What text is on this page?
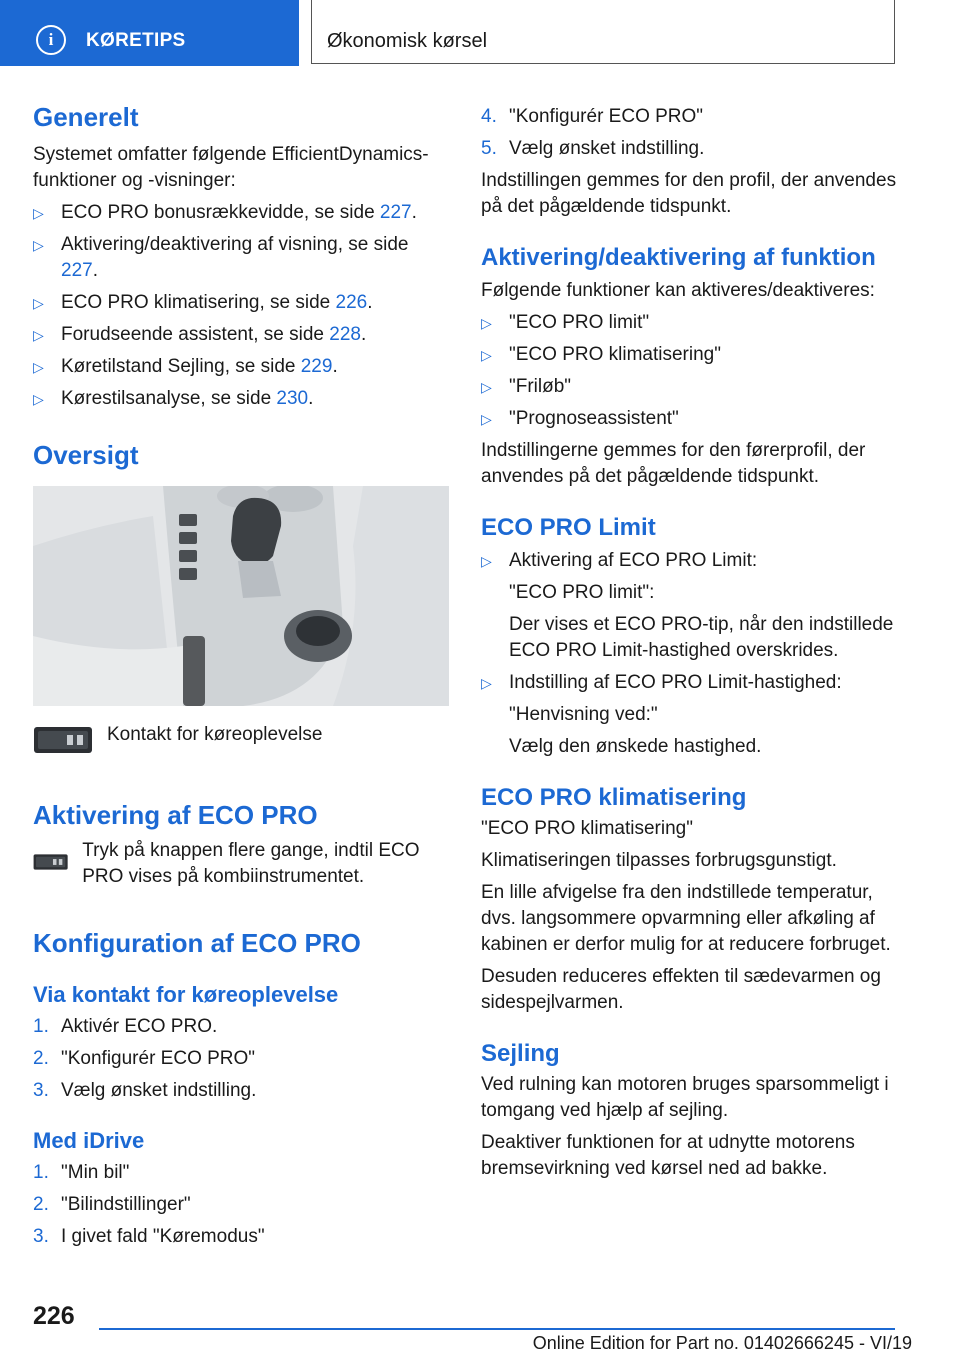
i	KØRETIPS	Økonomisk kørsel
Generelt

Systemet omfatter følgende EfficientDynamics-funktioner og -visninger:

▷ ECO PRO bonusrækkevidde, se side 227.
▷ Aktivering/deaktivering af visning, se side 227.
▷ ECO PRO klimatisering, se side 226.
▷ Forudseende assistent, se side 228.
▷ Køretilstand Sejling, se side 229.
▷ Kørestilsanalyse, se side 230.
Oversigt
Kontakt for køreoplevelse
Aktivering af ECO PRO
Tryk på knappen flere gange, indtil ECO PRO vises på kombiinstrumentet.
Konfiguration af ECO PRO
Via kontakt for køreoplevelse
1. Aktivér ECO PRO.
2. "Konfigurér ECO PRO"
3. Vælg ønsket indstilling.
Med iDrive
1. "Min bil"
2. "Bilindstillinger"
3. I givet fald "Køremodus"
4. "Konfigurér ECO PRO"
5. Vælg ønsket indstilling.

Indstillingen gemmes for den profil, der anvendes på det pågældende tidspunkt.

Aktivering/deaktivering af funktion

Følgende funktioner kan aktiveres/deaktiveres:

▷ "ECO PRO limit"
▷ "ECO PRO klimatisering"
▷ "Friløb"
▷ "Prognoseassistent"

Indstillingerne gemmes for den førerprofil, der anvendes på det pågældende tidspunkt.

ECO PRO Limit
▷ Aktivering af ECO PRO Limit:
"ECO PRO limit":
Der vises et ECO PRO-tip, når den indstillede ECO PRO Limit-hastighed overskrides.
▷ Indstilling af ECO PRO Limit-hastighed:
"Henvisning ved:"
Vælg den ønskede hastighed.
ECO PRO klimatisering

"ECO PRO klimatisering"

Klimatiseringen tilpasses forbrugsgunstigt.

En lille afvigelse fra den indstillede temperatur, dvs. langsommere opvarmning eller afkøling af kabinen er derfor mulig for at reducere forbruget.

Desuden reduceres effekten til sædevarmen og sidespejlvarmen.

Sejling

Ved rulning kan motoren bruges sparsommeligt i tomgang ved hjælp af sejling.

Deaktiver funktionen for at udnytte motorens bremsevirkning ved kørsel ned ad bakke.

226
Online Edition for Part no. 01402666245 - VI/19
